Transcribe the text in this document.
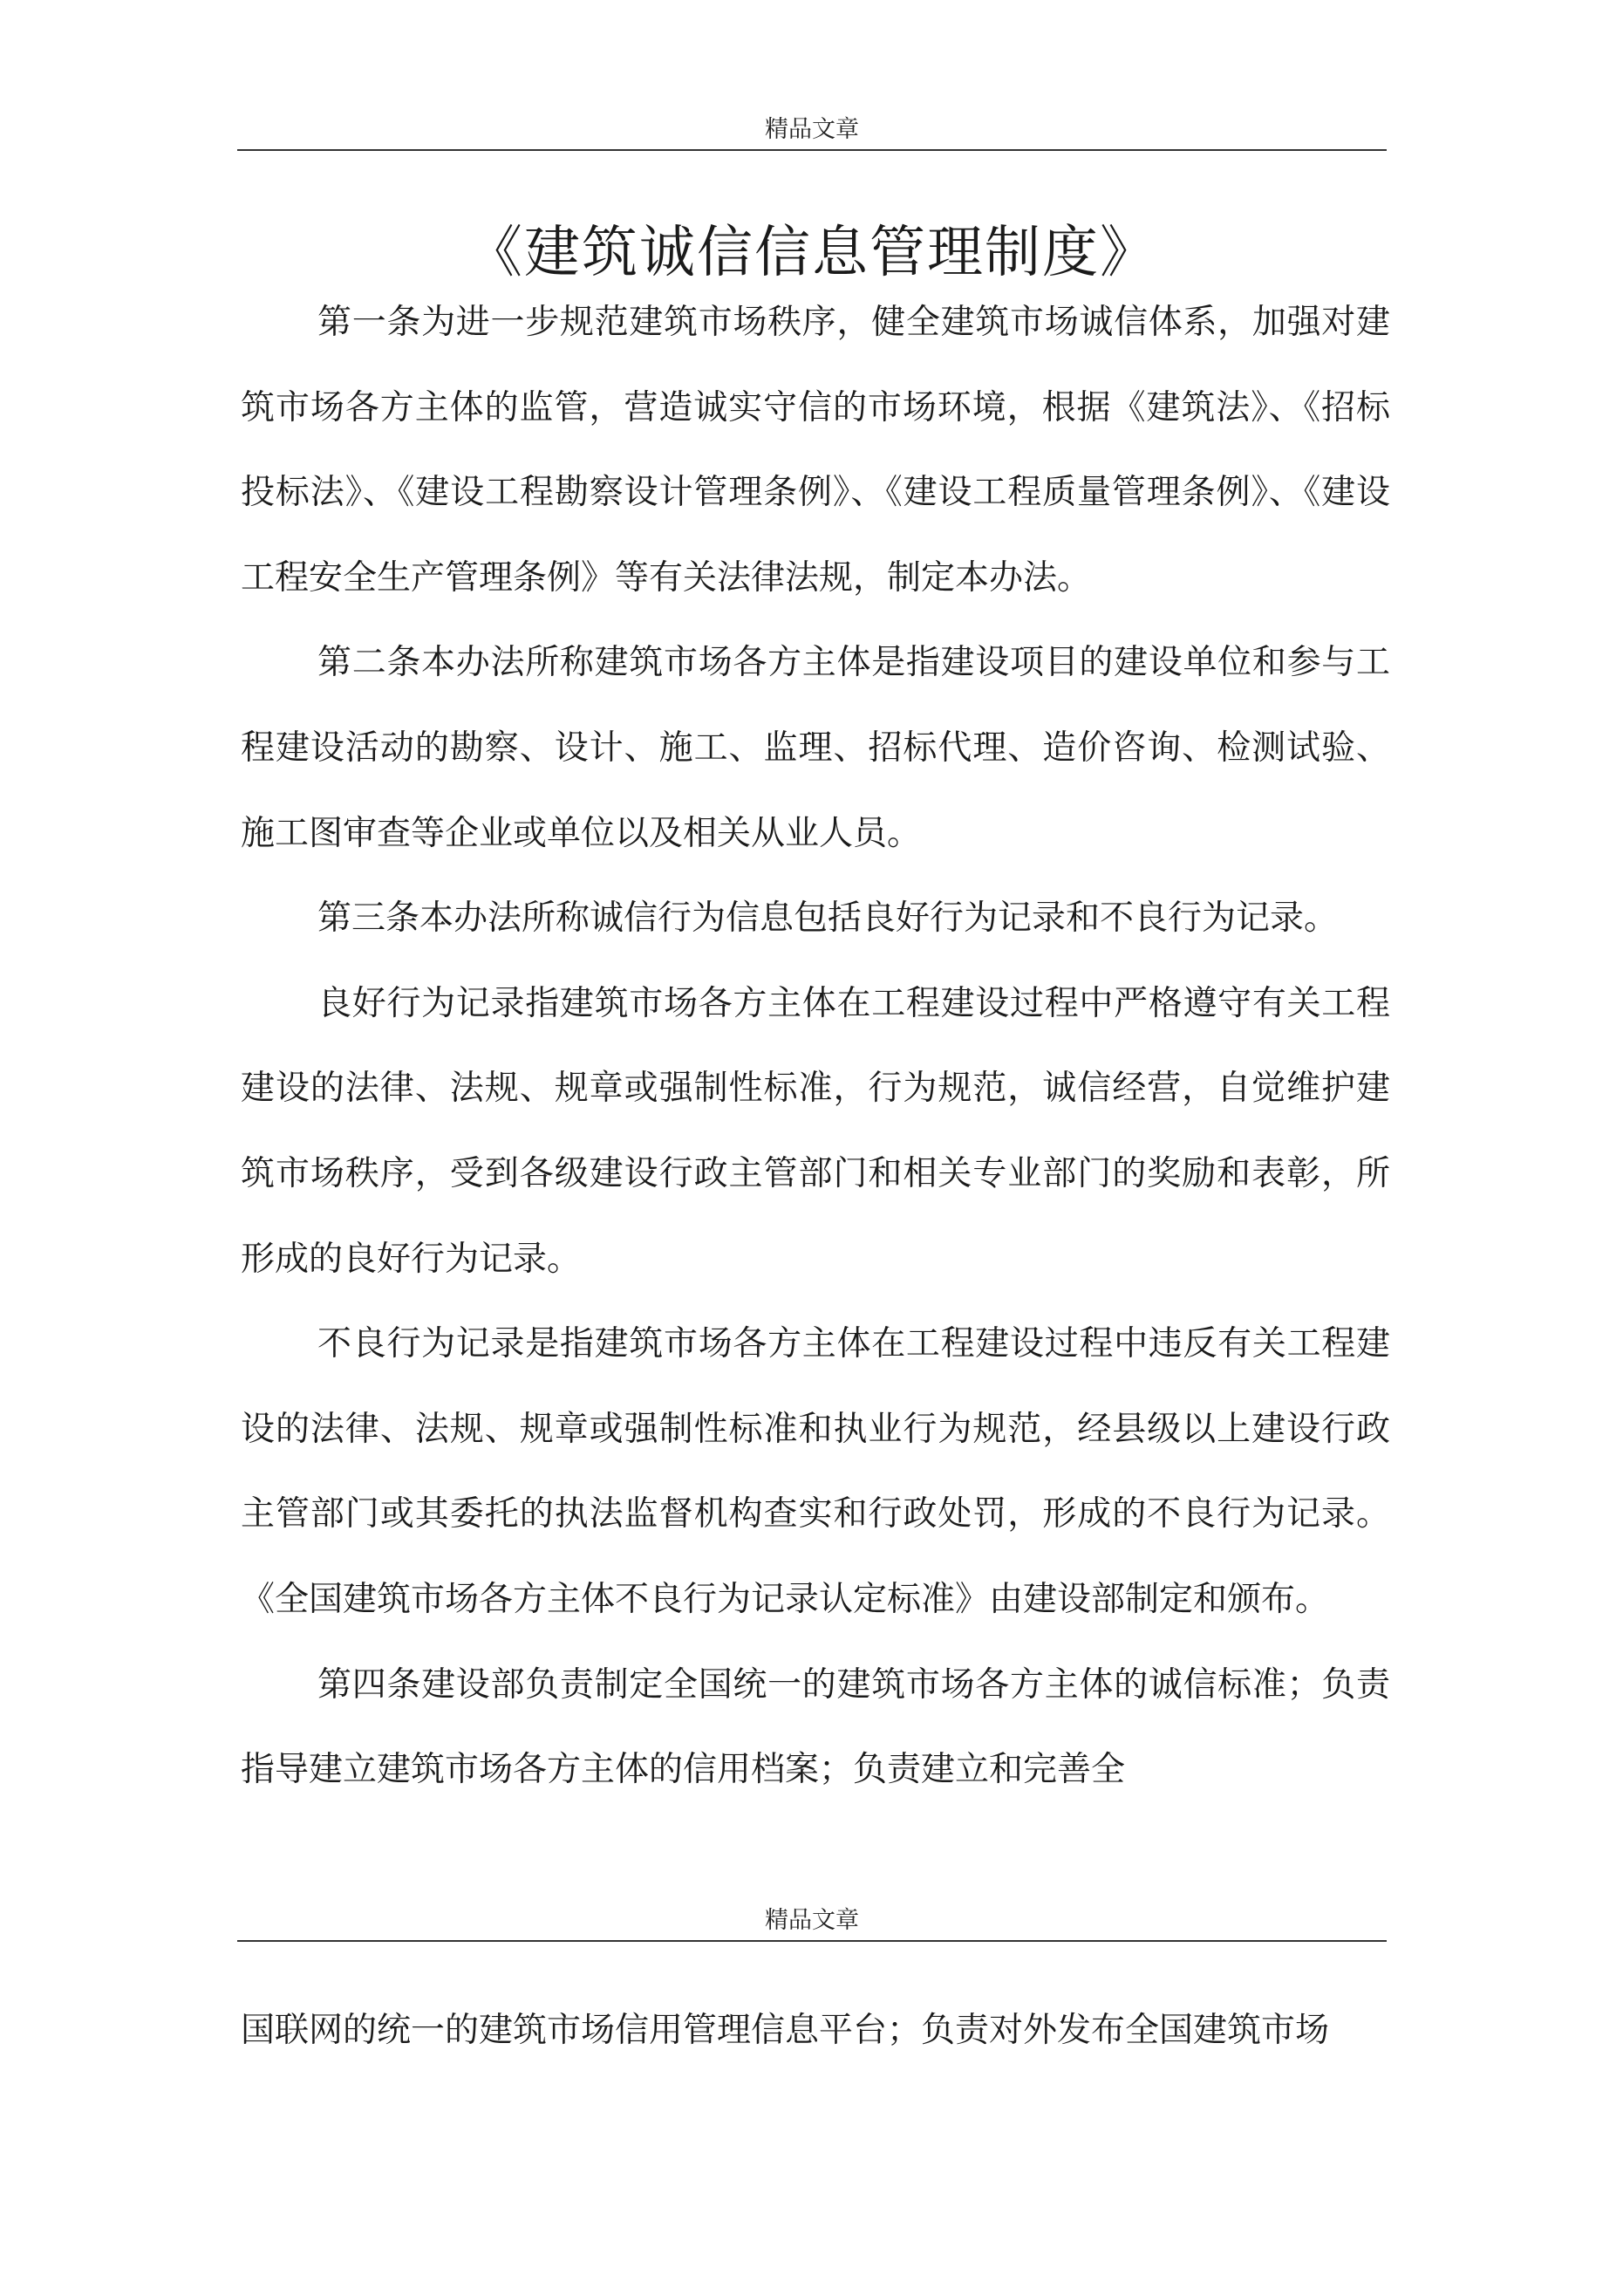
精品文章
《建筑诚信信息管理制度》

第一条为进一步规范建筑市场秩序，健全建筑市场诚信体系，加强对建筑市场各方主体的监管，营造诚实守信的市场环境，根据《建筑法》、《招标投标法》、《建设工程勘察设计管理条例》、《建设工程质量管理条例》、《建设工程安全生产管理条例》等有关法律法规，制定本办法。

第二条本办法所称建筑市场各方主体是指建设项目的建设单位和参与工程建设活动的勘察、设计、施工、监理、招标代理、造价咨询、检测试验、施工图审查等企业或单位以及相关从业人员。

第三条本办法所称诚信行为信息包括良好行为记录和不良行为记录。

良好行为记录指建筑市场各方主体在工程建设过程中严格遵守有关工程建设的法律、法规、规章或强制性标准，行为规范，诚信经营，自觉维护建筑市场秩序，受到各级建设行政主管部门和相关专业部门的奖励和表彰，所形成的良好行为记录。

不良行为记录是指建筑市场各方主体在工程建设过程中违反有关工程建设的法律、法规、规章或强制性标准和执业行为规范，经县级以上建设行政主管部门或其委托的执法监督机构查实和行政处罚，形成的不良行为记录。《全国建筑市场各方主体不良行为记录认定标准》由建设部制定和颁布。

第四条建设部负责制定全国统一的建筑市场各方主体的诚信标准；负责指导建立建筑市场各方主体的信用档案；负责建立和完善全

精品文章

国联网的统一的建筑市场信用管理信息平台；负责对外发布全国建筑市场
